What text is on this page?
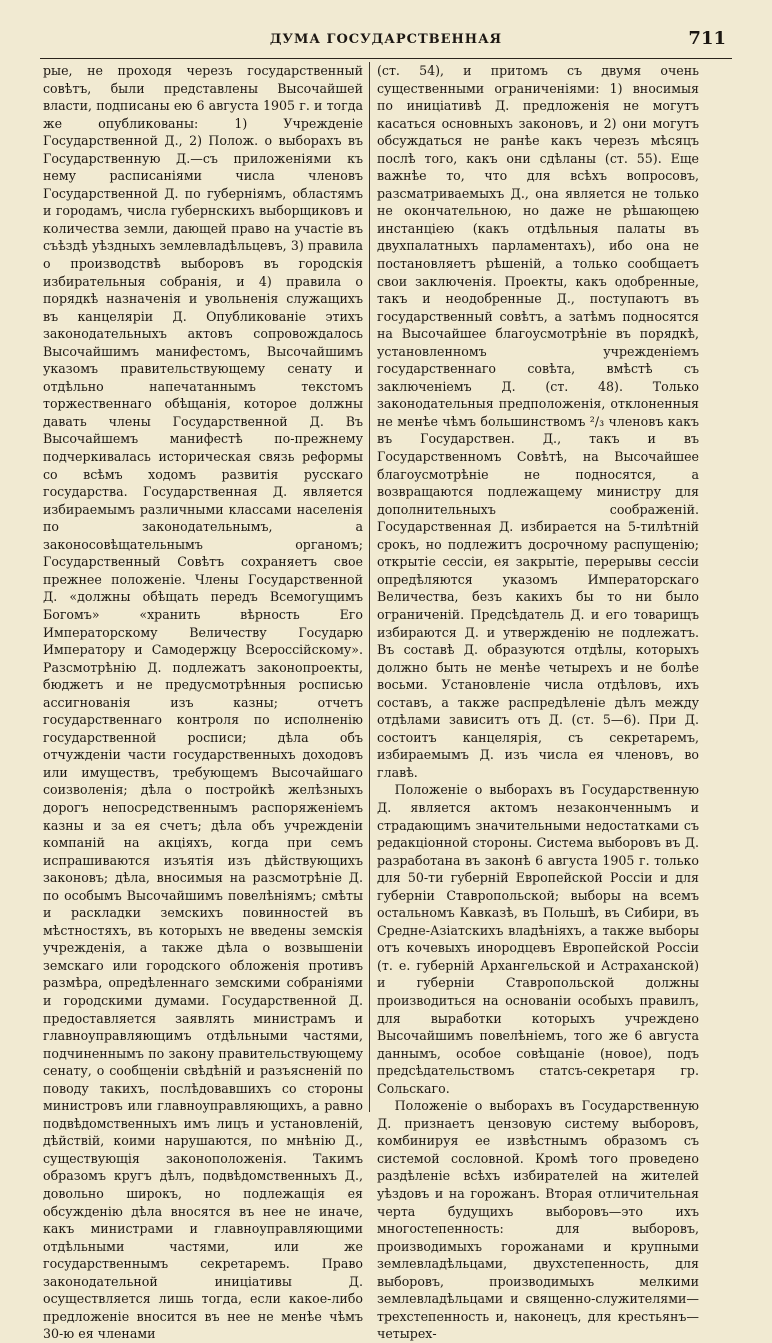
ДУМА ГОСУДАРСТВЕННАЯ	711

рые, не проходя черезъ государственный совѣтъ, были представлены Высочайшей власти, подписаны ею 6 августа 1905 г. и тогда же опубликованы: 1) Учрежденіе Государственной Д., 2) Полож. о выборахъ въ Государственную Д.—съ приложеніями къ нему расписаніями числа членовъ Государственной Д. по губерніямъ, областямъ и городамъ, числа губернскихъ выборщиковъ и количества земли, дающей право на участіе въ съѣздѣ уѣздныхъ землевладѣльцевъ, 3) правила о производствѣ выборовъ въ городскія избирательныя собранія, и 4) правила о порядкѣ назначенія и увольненія служащихъ въ канцеляріи Д. Опубликованіе этихъ законодательныхъ актовъ сопровождалось Высочайшимъ манифестомъ, Высочайшимъ указомъ правительствующему сенату и отдѣльно напечатаннымъ текстомъ торжественнаго обѣщанія, которое должны давать члены Государственной Д. Въ Высочайшемъ манифестѣ по-прежнему подчеркивалась историческая связь реформы со всѣмъ ходомъ развитія русскаго государства. Государственная Д. является избираемымъ различными классами населенія по законодательнымъ, а законосовѣщательнымъ органомъ; Государственный Совѣтъ сохраняетъ свое прежнее положеніе. Члены Государственной Д. «должны обѣщать передъ Всемогущимъ Богомъ» «хранить вѣрность Его Императорскому Величеству Государю Императору и Самодержцу Всероссійскому». Разсмотрѣнію Д. подлежатъ законопроекты, бюджетъ и не предусмотрѣнныя росписью ассигнованія изъ казны; отчетъ государственнаго контроля по исполненію государственной росписи; дѣла объ отчужденіи части государственныхъ доходовъ или имуществъ, требующемъ Высочайшаго соизволенія; дѣла о постройкѣ желѣзныхъ дорогъ непосредственнымъ распоряженіемъ казны и за ея счетъ; дѣла объ учрежденіи компаній на акціяхъ, когда при семъ испрашиваются изъятія изъ дѣйствующихъ законовъ; дѣла, вносимыя на разсмотрѣніе Д. по особымъ Высочайшимъ повелѣніямъ; смѣты и раскладки земскихъ повинностей въ мѣстностяхъ, въ которыхъ не введены земскія учрежденія, а также дѣла о возвышеніи земскаго или городского обложенія противъ размѣра, опредѣленнаго земскими собраніями и городскими думами. Государственной Д. предоставляется заявлять министрамъ и главноуправляющимъ отдѣльными частями, подчиненнымъ по закону правительствующему сенату, о сообщеніи свѣдѣній и разъясненій по поводу такихъ, послѣдовавшихъ со стороны министровъ или главноуправляющихъ, а равно подвѣдомственныхъ имъ лицъ и установленій, дѣйствій, коими нарушаются, по мнѣнію Д., существующія законоположенія. Такимъ образомъ кругъ дѣлъ, подвѣдомственныхъ Д., довольно широкъ, но подлежащія ея обсужденію дѣла вносятся въ нее не иначе, какъ министрами и главноуправляющими отдѣльными частями, или же государственнымъ секретаремъ. Право законодательной иниціативы Д. осуществляется лишь тогда, если какое-либо предложеніе вносится въ нее не менѣе чѣмъ 30-ю ея членами

(ст. 54), и притомъ съ двумя очень существенными ограниченіями: 1) вносимыя по иниціативѣ Д. предложенія не могутъ касаться основныхъ законовъ, и 2) они могутъ обсуждаться не ранѣе какъ черезъ мѣсяцъ послѣ того, какъ они сдѣланы (ст. 55). Еще важнѣе то, что для всѣхъ вопросовъ, разсматриваемыхъ Д., она является не только не окончательною, но даже не рѣшающею инстанціею (какъ отдѣльныя палаты въ двухпалатныхъ парламентахъ), ибо она не постановляетъ рѣшеній, а только сообщаетъ свои заключенія. Проекты, какъ одобренные, такъ и неодобренные Д., поступаютъ въ государственный совѣтъ, а затѣмъ подносятся на Высочайшее благоусмотрѣніе въ порядкѣ, установленномъ учрежденіемъ государственнаго совѣта, вмѣстѣ съ заключеніемъ Д. (ст. 48). Только законодательныя предположенія, отклоненныя не менѣе чѣмъ большинствомъ ²/₃ членовъ какъ въ Государствен. Д., такъ и въ Государственномъ Совѣтѣ, на Высочайшее благоусмотрѣніе не подносятся, а возвращаются подлежащему министру для дополнительныхъ соображеній. Государственная Д. избирается на 5-тилѣтній срокъ, но подлежитъ досрочному распущенію; открытіе сессіи, ея закрытіе, перерывы сессіи опредѣляются указомъ Императорскаго Величества, безъ какихъ бы то ни было ограниченій. Предсѣдатель Д. и его товарищъ избираются Д. и утвержденію не подлежатъ. Въ составѣ Д. образуются отдѣлы, которыхъ должно быть не менѣе четырехъ и не болѣе восьми. Установленіе числа отдѣловъ, ихъ составъ, а также распредѣленіе дѣлъ между отдѣлами зависитъ отъ Д. (ст. 5—6). При Д. состоитъ канцелярія, съ секретаремъ, избираемымъ Д. изъ числа ея членовъ, во главѣ.

Положеніе о выборахъ въ Государственную Д. является актомъ незаконченнымъ и страдающимъ значительными недостатками съ редакціонной стороны. Система выборовъ въ Д. разработана въ законѣ 6 августа 1905 г. только для 50-ти губерній Европейской Россіи и для губерніи Ставропольской; выборы на всемъ остальномъ Кавказѣ, въ Польшѣ, въ Сибири, въ Средне-Азіатскихъ владѣніяхъ, а также выборы отъ кочевыхъ инородцевъ Европейской Россіи (т. е. губерній Архангельской и Астраханской) и губерніи Ставропольской должны производиться на основаніи особыхъ правилъ, для выработки которыхъ учреждено Высочайшимъ повелѣніемъ, того же 6 августа даннымъ, особое совѣщаніе (новое), подъ предсѣдательствомъ статсъ-секретаря гр. Сольскаго.

Положеніе о выборахъ въ Государственную Д. признаетъ цензовую систему выборовъ, комбинируя ее извѣстнымъ образомъ съ системой сословной. Кромѣ того проведено раздѣленіе всѣхъ избирателей на жителей уѣздовъ и на горожанъ. Вторая отличительная черта будущихъ выборовъ—это ихъ многостепенность: для выборовъ, производимыхъ горожанами и крупными землевладѣльцами, двухстепенность, для выборовъ, производимыхъ мелкими землевладѣльцами и священно-служителями—трехстепенность и, наконецъ, для крестьянъ—четырех-
